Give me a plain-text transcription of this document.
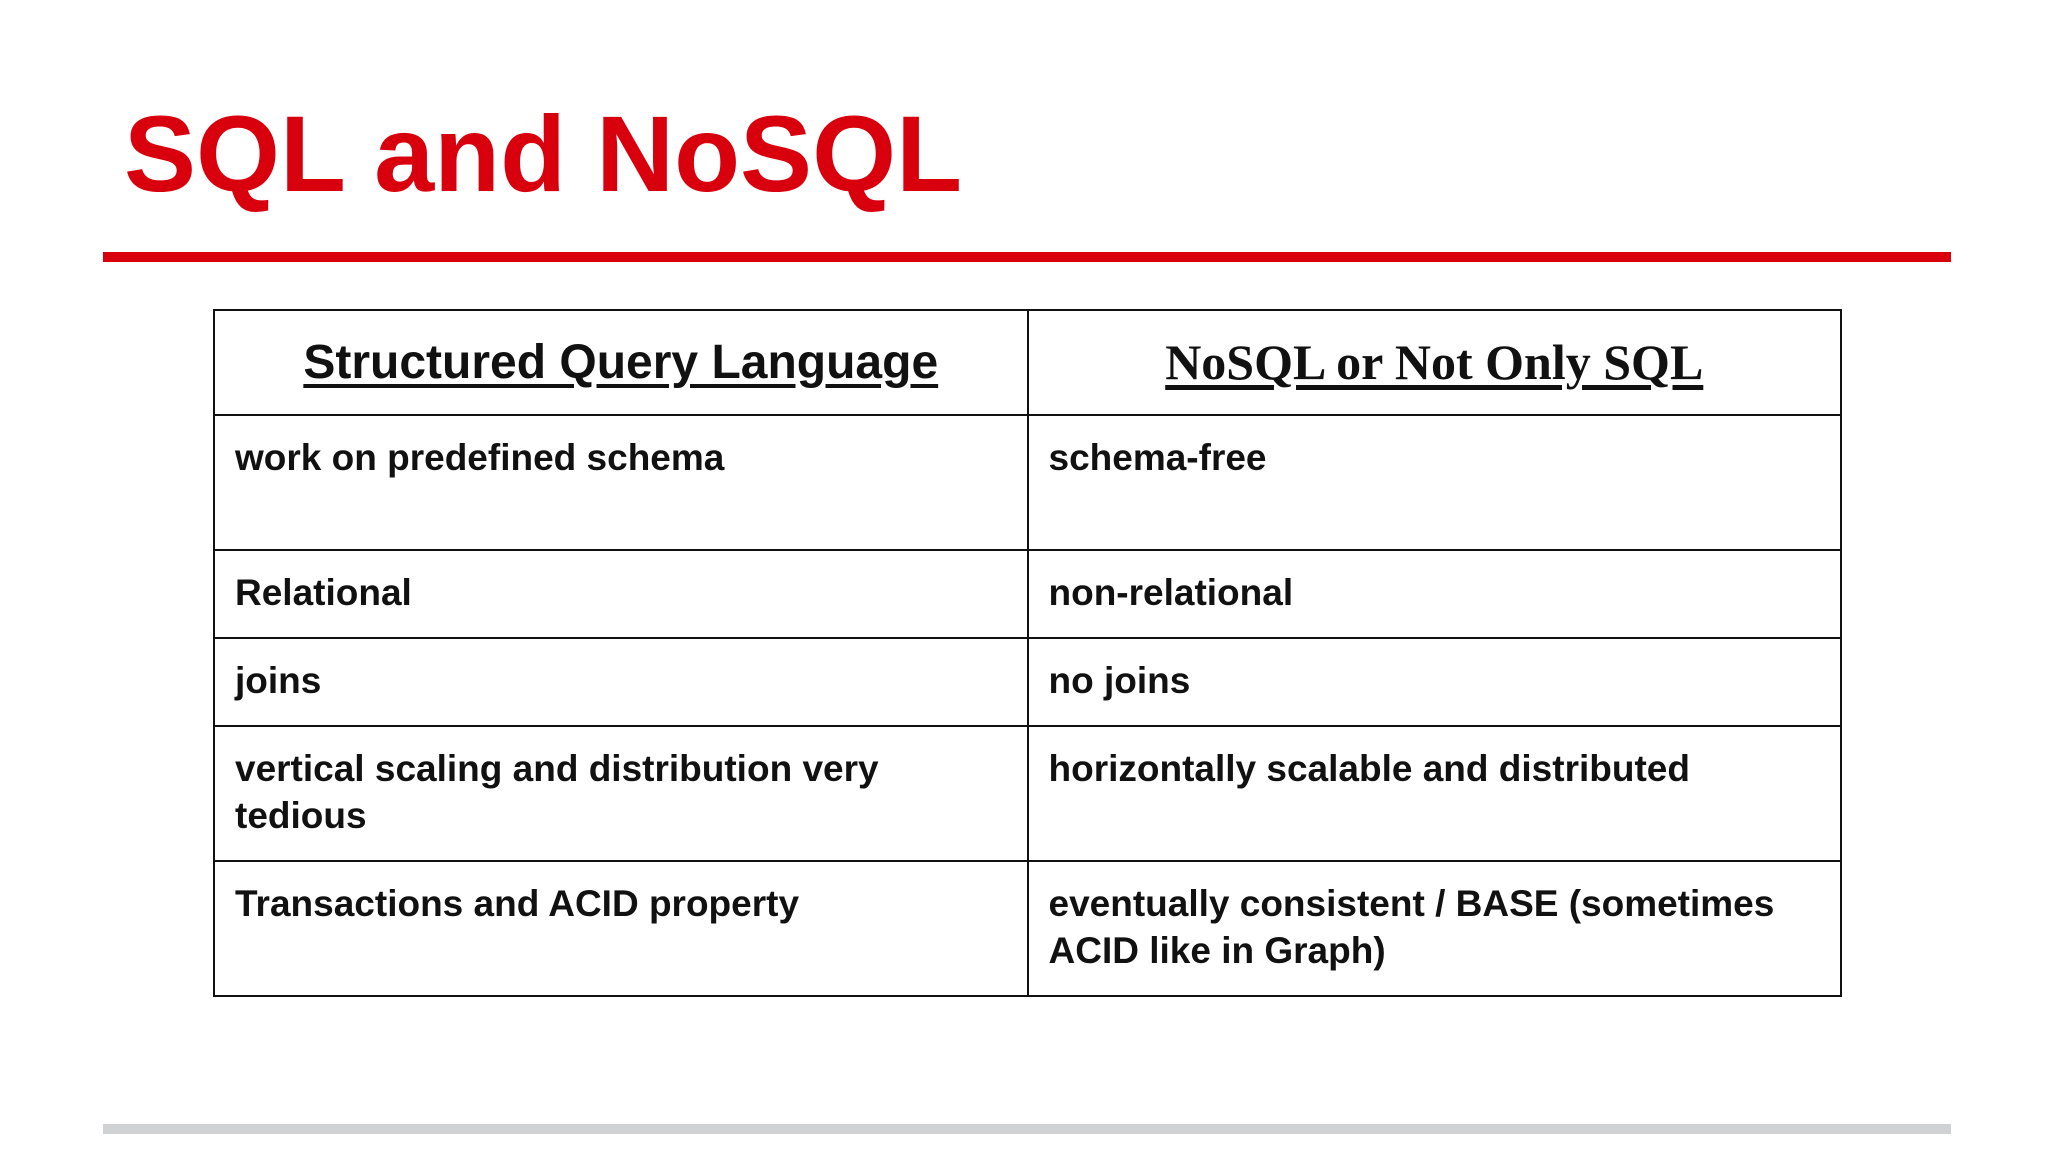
SQL and NoSQL
Structured Query Language	NoSQL or Not Only SQL
work on predefined schema	schema-free
Relational	non-relational
joins	no joins
vertical scaling and distribution very tedious	horizontally scalable and distributed
Transactions and ACID property	eventually consistent / BASE (sometimes ACID like in Graph)
